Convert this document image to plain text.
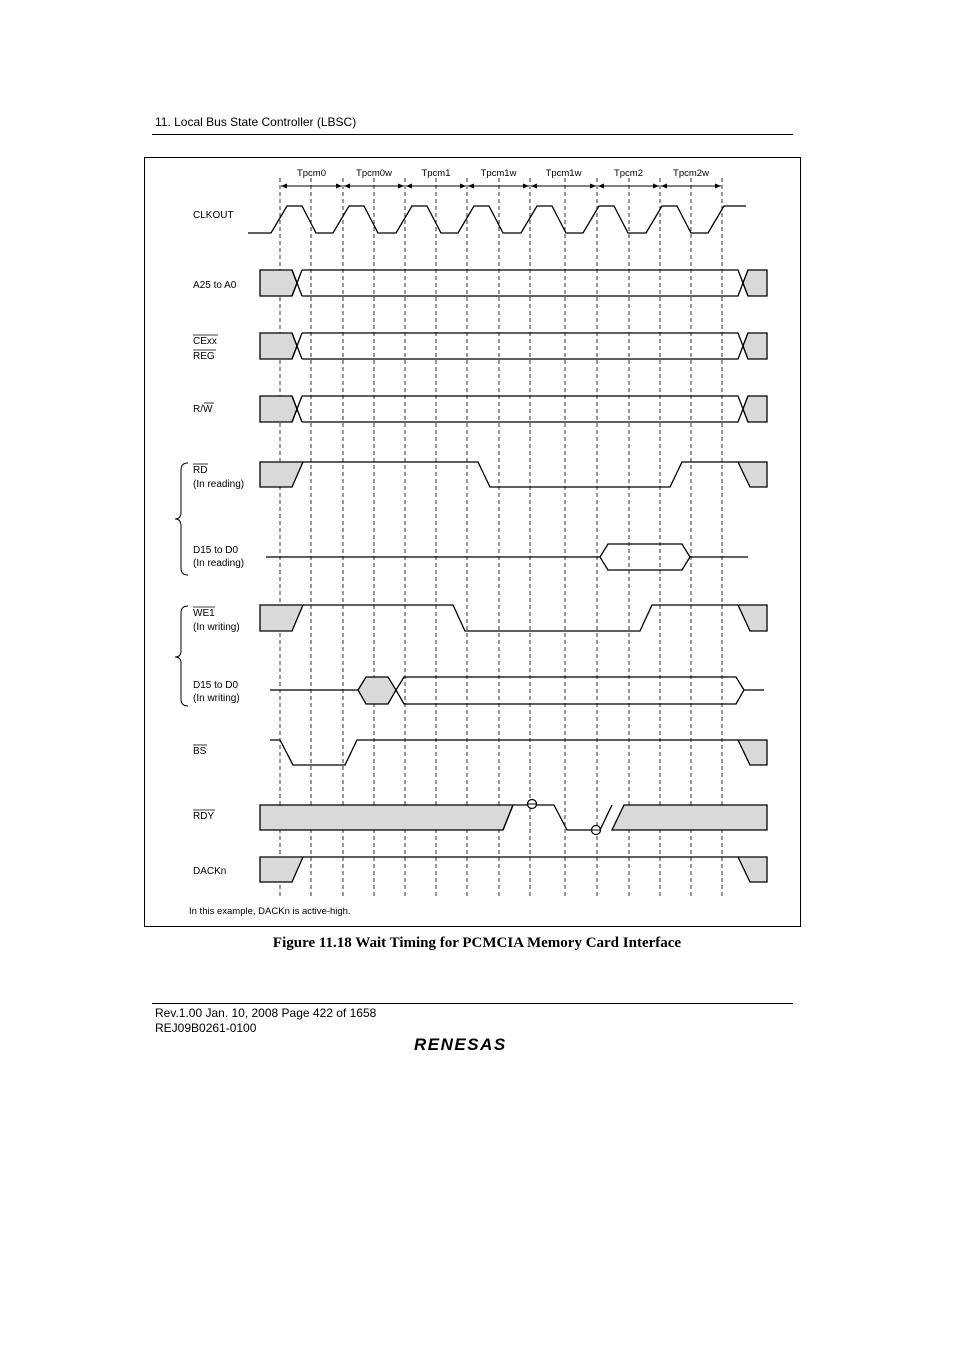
11. Local Bus State Controller (LBSC)
Tpcm0	Tpcm0w	Tpcm1	Tpcm1w	Tpcm1w	Tpcm2	Tpcm2w
CLKOUT
A25 to A0
CExx
REG
R/W
RD
(In reading)
D15 to D0
(In reading)
WE1
(In writing)
D15 to D0
(In writing)
BS
RDY
DACKn
In this example, DACKn is active-high.
Figure 11.18 Wait Timing for PCMCIA Memory Card Interface
Rev.1.00 Jan. 10, 2008 Page 422 of 1658
REJ09B0261-0100
RENESAS
